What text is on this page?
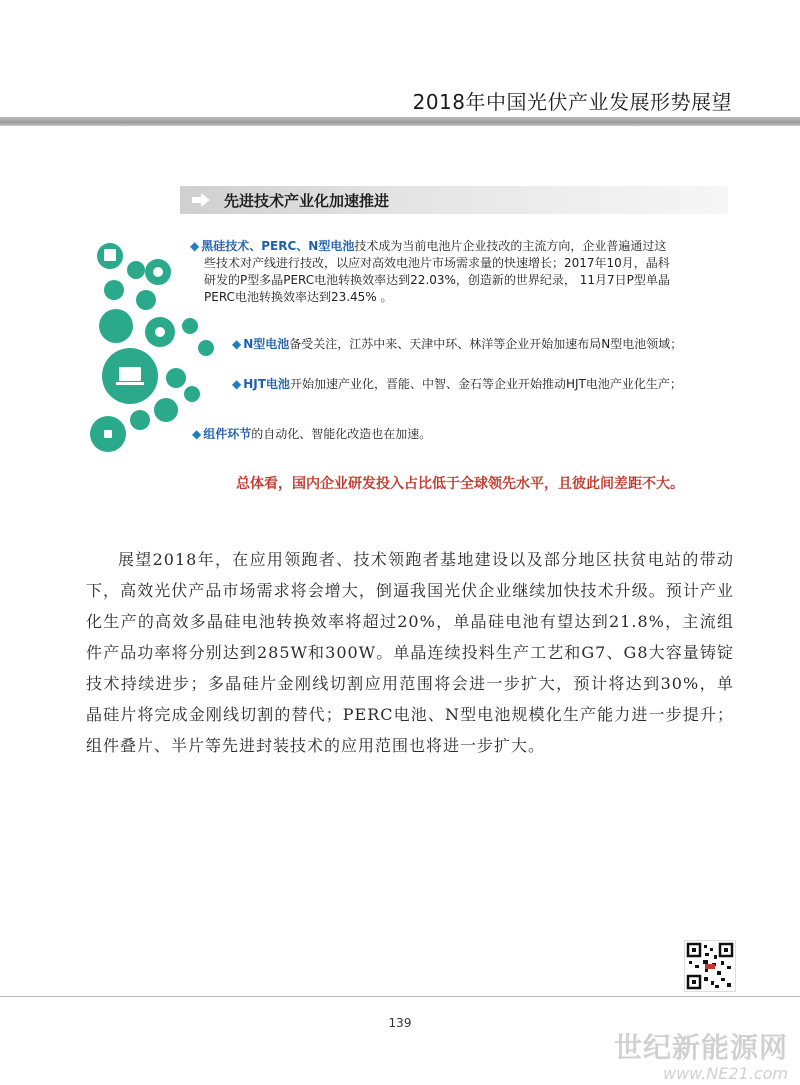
2018年中国光伏产业发展形势展望
先进技术产业化加速推进
◆ 黑硅技术、PERC、N型电池技术成为当前电池片企业技改的主流方向，企业普遍通过这
些技术对产线进行技改，以应对高效电池片市场需求量的快速增长；2017年10月，晶科
研发的P型多晶PERC电池转换效率达到22.03%，创造新的世界纪录， 11月7日P型单晶
PERC电池转换效率达到23.45% 。
◆ N型电池备受关注，江苏中来、天津中环、林洋等企业开始加速布局N型电池领域；
◆ HJT电池开始加速产业化，晋能、中智、金石等企业开始推动HJT电池产业化生产；
◆ 组件环节的自动化、智能化改造也在加速。
总体看，国内企业研发投入占比低于全球领先水平，且彼此间差距不大。
展望2018年，在应用领跑者、技术领跑者基地建设以及部分地区扶贫电站的带动下，高效光伏产品市场需求将会增大，倒逼我国光伏企业继续加快技术升级。预计产业化生产的高效多晶硅电池转换效率将超过20%，单晶硅电池有望达到21.8%，主流组件产品功率将分别达到285W和300W。单晶连续投料生产工艺和G7、G8大容量铸锭技术持续进步；多晶硅片金刚线切割应用范围将会进一步扩大，预计将达到30%，单晶硅片将完成金刚线切割的替代；PERC电池、N型电池规模化生产能力进一步提升；组件叠片、半片等先进封装技术的应用范围也将进一步扩大。
139
世纪新能源网
www.NE21.com
